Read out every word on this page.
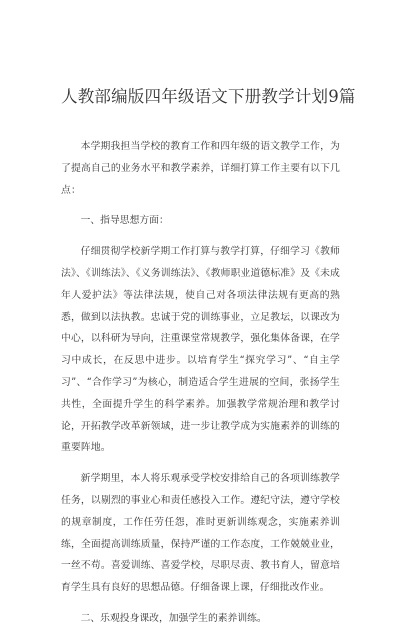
人教部编版四年级语文下册教学计划9篇

本学期我担当学校的教育工作和四年级的语文教学工作，为了提高自己的业务水平和教学素养，详细打算工作主要有以下几点：

一、指导思想方面：

仔细贯彻学校新学期工作打算与教学打算，仔细学习《教师法》、《训练法》、《义务训练法》、《教师职业道德标准》及《未成年人爱护法》等法律法规，使自己对各项法律法规有更高的熟悉，做到以法执教。忠诚于党的训练事业，立足教坛，以课改为中心，以科研为导向，注重课堂常规教学，强化集体备课，在学习中成长，在反思中进步。以培育学生“探究学习”、“自主学习”、“合作学习”为核心，制造适合学生进展的空间，张扬学生共性，全面提升学生的科学素养。加强教学常规治理和教学讨论，开拓教学改革新领域，进一步让教学成为实施素养的训练的重要阵地。

新学期里，本人将乐观承受学校安排给自己的各项训练教学任务，以剔烈的事业心和责任感投入工作。遵纪守法，遵守学校的规章制度，工作任劳任怨，准时更新训练观念，实施素养训练，全面提高训练质量，保持严谨的工作态度，工作兢兢业业，一丝不苟。喜爱训练、喜爱学校，尽职尽责、教书育人，留意培育学生具有良好的思想品德。仔细备课上课，仔细批改作业。

二、乐观投身课改，加强学生的素养训练。
